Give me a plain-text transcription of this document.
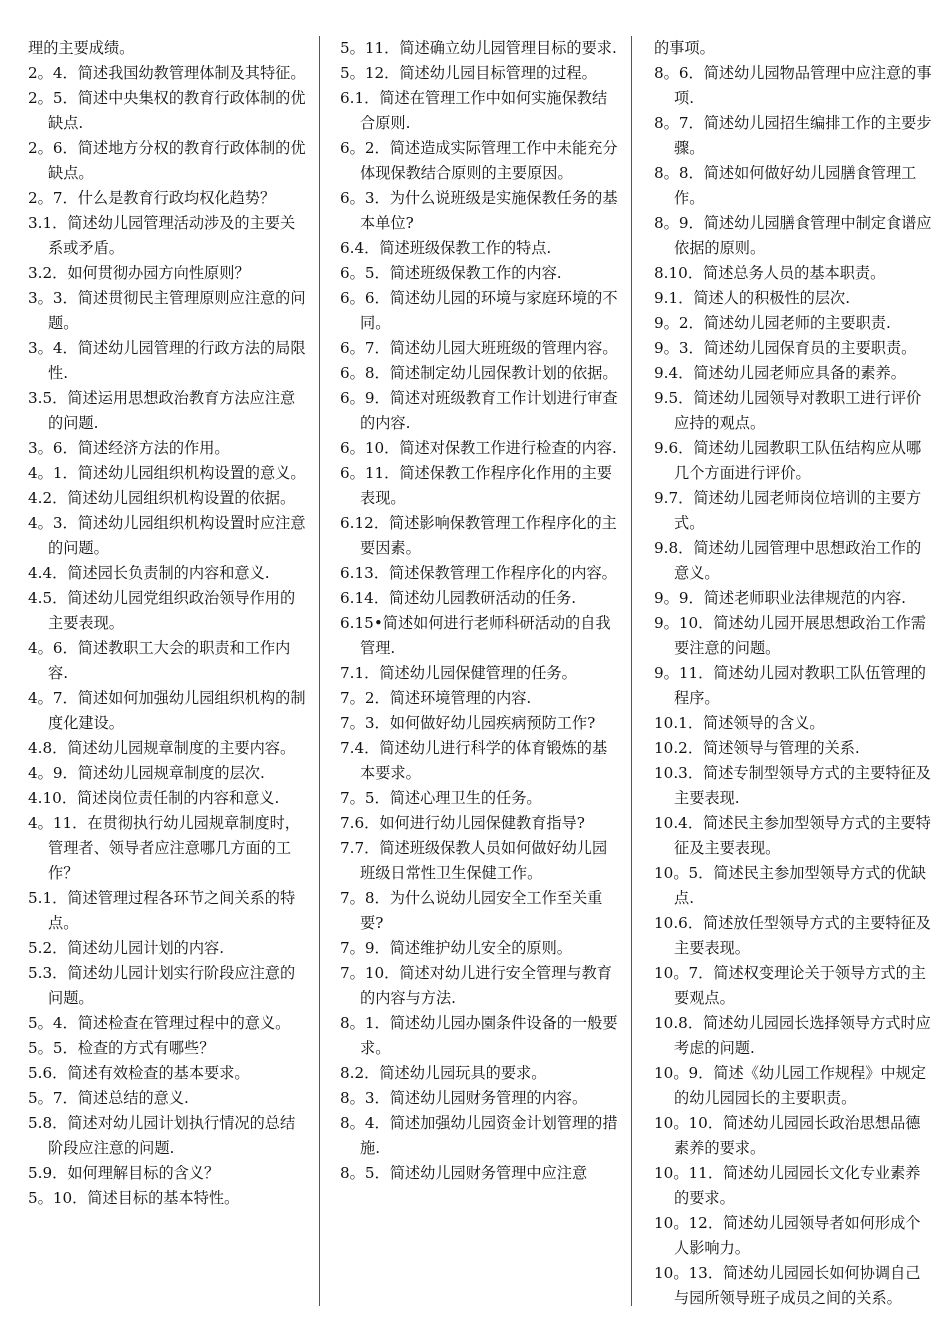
理的主要成绩。

2。4．简述我国幼教管理体制及其特征。

2。5．简述中央集权的教育行政体制的优缺点.

2。6．简述地方分权的教育行政体制的优缺点。

2。7．什么是教育行政均权化趋势？

3.1．简述幼儿园管理活动涉及的主要关系或矛盾。

3.2．如何贯彻办园方向性原则？

3。3．简述贯彻民主管理原则应注意的问题。

3。4．简述幼儿园管理的行政方法的局限性.

3.5．简述运用思想政治教育方法应注意的问题.

3。6．简述经济方法的作用。

4。1．简述幼儿园组织机构设置的意义。

4.2．简述幼儿园组织机构设置的依据。

4。3．简述幼儿园组织机构设置时应注意的问题。

4.4．简述园长负责制的内容和意义.

4.5．简述幼儿园党组织政治领导作用的主要表现。

4。6．简述教职工大会的职责和工作内容.

4。7．简述如何加强幼儿园组织机构的制度化建设。

4.8．简述幼儿园规章制度的主要内容。

4。9．简述幼儿园规章制度的层次.

4.10．简述岗位责任制的内容和意义.

4。11．在贯彻执行幼儿园规章制度时，管理者、领导者应注意哪几方面的工作？

5.1．简述管理过程各环节之间关系的特点。

5.2．简述幼儿园计划的内容.

5.3．简述幼儿园计划实行阶段应注意的问题。

5。4．简述检查在管理过程中的意义。

5。5．检查的方式有哪些？

5.6．简述有效检查的基本要求。

5。7．简述总结的意义.

5.8．简述对幼儿园计划执行情况的总结阶段应注意的问题.

5.9．如何理解目标的含义？

5。10．简述目标的基本特性。

5。11．简述确立幼儿园管理目标的要求.

5。12．简述幼儿园目标管理的过程。

6.1．简述在管理工作中如何实施保教结合原则.

6。2．简述造成实际管理工作中未能充分体现保教结合原则的主要原因。

6。3．为什么说班级是实施保教任务的基本单位?

6.4．简述班级保教工作的特点.

6。5．简述班级保教工作的内容.

6。6．简述幼儿园的环境与家庭环境的不同。

6。7．简述幼儿园大班班级的管理内容。

6。8．简述制定幼儿园保教计划的依据。

6。9．简述对班级教育工作计划进行审查的内容.

6。10．简述对保教工作进行检查的内容.

6。11．简述保教工作程序化作用的主要表现。

6.12．简述影响保教管理工作程序化的主要因素。

6.13．简述保教管理工作程序化的内容。

6.14．简述幼儿园教研活动的任务.

6.15•简述如何进行老师科研活动的自我管理.

7.1．简述幼儿园保健管理的任务。

7。2．简述环境管理的内容.

7。3．如何做好幼儿园疾病预防工作?

7.4．简述幼儿进行科学的体育锻炼的基本要求。

7。5．简述心理卫生的任务。

7.6．如何进行幼儿园保健教育指导?

7.7．简述班级保教人员如何做好幼儿园班级日常性卫生保健工作。

7。8．为什么说幼儿园安全工作至关重要?

7。9．简述维护幼儿安全的原则。

7。10．简述对幼儿进行安全管理与教育的内容与方法.

8。1．简述幼儿园办園条件设备的一般要求。

8.2．简述幼儿园玩具的要求。

8。3．简述幼儿园财务管理的内容。

8。4．简述加强幼儿园资金计划管理的措施.

8。5．简述幼儿园财务管理中应注意

的事项。

8。6．简述幼儿园物品管理中应注意的事项.

8。7．简述幼儿园招生编排工作的主要步骤。

8。8．简述如何做好幼儿园膳食管理工作。

8。9．简述幼儿园膳食管理中制定食谱应依据的原则。

8.10．简述总务人员的基本职责。

9.1．简述人的积极性的层次.

9。2．简述幼儿园老师的主要职责.

9。3．简述幼儿园保育员的主要职责。

9.4．简述幼儿园老师应具备的素养。

9.5．简述幼儿园领导对教职工进行评价应持的观点。

9.6．简述幼儿园教职工队伍结构应从哪几个方面进行评价。

9.7．简述幼儿园老师岗位培训的主要方式。

9.8．简述幼儿园管理中思想政治工作的意义。

9。9．简述老师职业法律规范的内容.

9。10．简述幼儿园开展思想政治工作需要注意的问题。

9。11．简述幼儿园对教职工队伍管理的程序。

10.1．简述领导的含义。

10.2．简述领导与管理的关系.

10.3．简述专制型领导方式的主要特征及主要表现.

10.4．简述民主参加型领导方式的主要特征及主要表现。

10。5．简述民主参加型领导方式的优缺点.

10.6．简述放任型领导方式的主要特征及主要表现。

10。7．简述权变理论关于领导方式的主要观点。

10.8．简述幼儿园园长选择领导方式时应考虑的问题.

10。9．简述《幼儿园工作规程》中规定的幼儿园园长的主要职责。

10。10．简述幼儿园园长政治思想品德素养的要求。

10。11．简述幼儿园园长文化专业素养的要求。

10。12．简述幼儿园领导者如何形成个人影响力。

10。13．简述幼儿园园长如何协调自己与园所领导班子成员之间的关系。
